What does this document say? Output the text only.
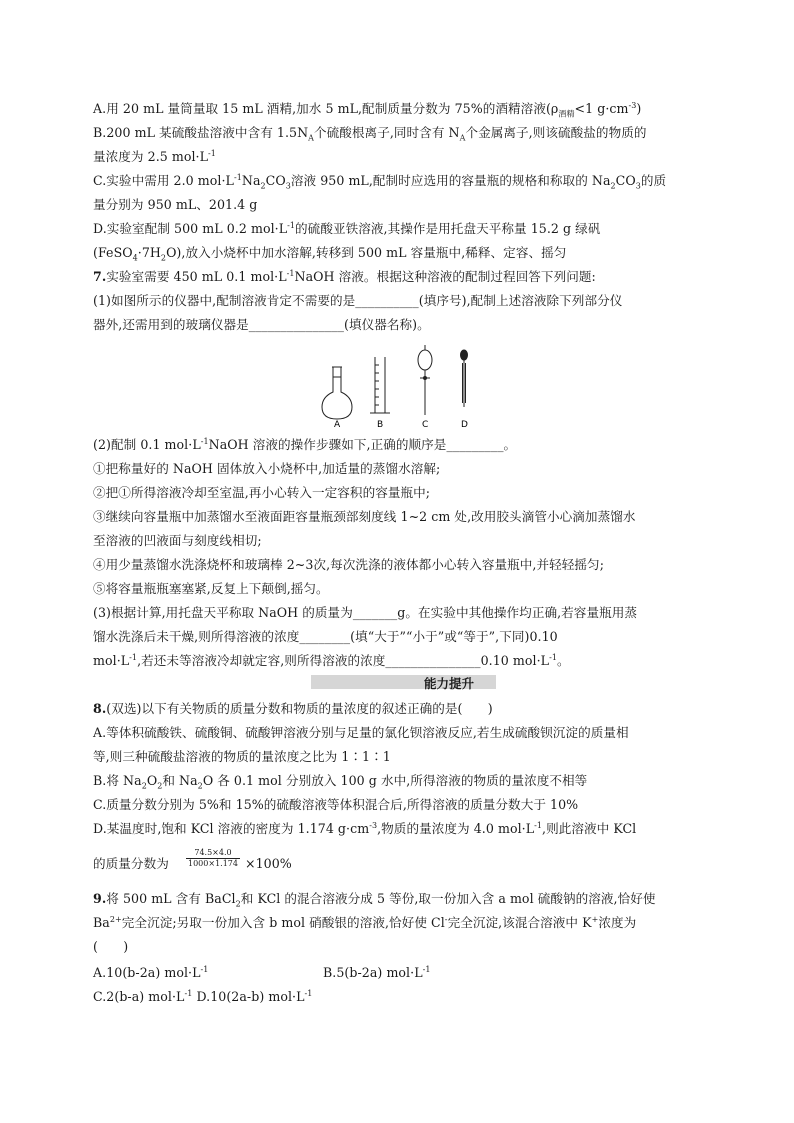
A.用 20 mL 量筒量取 15 mL 酒精,加水 5 mL,配制质量分数为 75%的酒精溶液($\rho_{酒精}<1$ $g\cdot cm^{-3}$)
B.200 mL 某硫酸盐溶液中含有 $1.5N_A$个硫酸根离子,同时含有 $N_A$个金属离子,则该硫酸盐的物质的
量浓度为 2.5 $mol\cdot L^{-1}$
C.实验中需用 2.0 $mol\cdot L^{-1}Na_2CO_3$溶液 950 mL,配制时应选用的容量瓶的规格和称取的 $Na_2CO_3$的质
量分别为 950 mL、201.4 g
D.实验室配制 500 mL 0.2 $mol\cdot L^{-1}$的硫酸亚铁溶液,其操作是用托盘天平称量 15.2 g 绿矾
$(FeSO_4\cdot 7H_2O)$,放入小烧杯中加水溶解,转移到 500 mL 容量瓶中,稀释、定容、摇匀
7.实验室需要 450 mL 0.1 $mol\cdot L^{-1}NaOH$ 溶液。根据这种溶液的配制过程回答下列问题:
(1)如图所示的仪器中,配制溶液肯定不需要的是__________(填序号),配制上述溶液除下列部分仪
器外,还需用到的玻璃仪器是_______________(填仪器名称)。
A	B	C	D
(2)配制 0.1 $mol\cdot L^{-1}NaOH$ 溶液的操作步骤如下,正确的顺序是_________。
①把称量好的 NaOH 固体放入小烧杯中,加适量的蒸馏水溶解;
②把①所得溶液冷却至室温,再小心转入一定容积的容量瓶中;
③继续向容量瓶中加蒸馏水至液面距容量瓶颈部刻度线 1~2 cm 处,改用胶头滴管小心滴加蒸馏水
至溶液的凹液面与刻度线相切;
④用少量蒸馏水洗涤烧杯和玻璃棒 2~3次,每次洗涤的液体都小心转入容量瓶中,并轻轻摇匀;
⑤将容量瓶瓶塞塞紧,反复上下颠倒,摇匀。
(3)根据计算,用托盘天平称取 NaOH 的质量为_______g。在实验中其他操作均正确,若容量瓶用蒸
馏水洗涤后未干燥,则所得溶液的浓度________(填“大于”“小于”或“等于”,下同)0.10
$mol\cdot L^{-1}$,若还未等溶液冷却就定容,则所得溶液的浓度_______________0.10 $mol\cdot L^{-1}$。
能力提升
8.(双选)以下有关物质的质量分数和物质的量浓度的叙述正确的是(　　)
A.等体积硫酸铁、硫酸铜、硫酸钾溶液分别与足量的氯化钡溶液反应,若生成硫酸钡沉淀的质量相
等,则三种硫酸盐溶液的物质的量浓度之比为 1∶1∶1
B.将 $Na_2O_2$和 $Na_2O$ 各 0.1 mol 分别放入 100 g 水中,所得溶液的物质的量浓度不相等
C.质量分数分别为 5%和 15%的硫酸溶液等体积混合后,所得溶液的质量分数大于 10%
D.某温度时,饱和 KCl 溶液的密度为 1.174 $g\cdot cm^{-3}$,物质的量浓度为 4.0 $mol\cdot L^{-1}$,则此溶液中 KCl
的质量分数为 $\frac{74.5\times 4.0}{1000\times 1.174} \times 100\%$
9.将 500 mL 含有 BaCl$_2$和 KCl 的混合溶液分成 5 等份,取一份加入含 a mol 硫酸钠的溶液,恰好使
$Ba^{2+}$完全沉淀;另取一份加入含 b mol 硝酸银的溶液,恰好使 Cl-完全沉淀,该混合溶液中 K+浓度为
(　　)
A.10(b-2a) $mol\cdot L^{-1}$	B.5(b-2a) $mol\cdot L^{-1}$
C.2(b-a) $mol\cdot L^{-1}$ D.10(2a-b) $mol\cdot L^{-1}$
